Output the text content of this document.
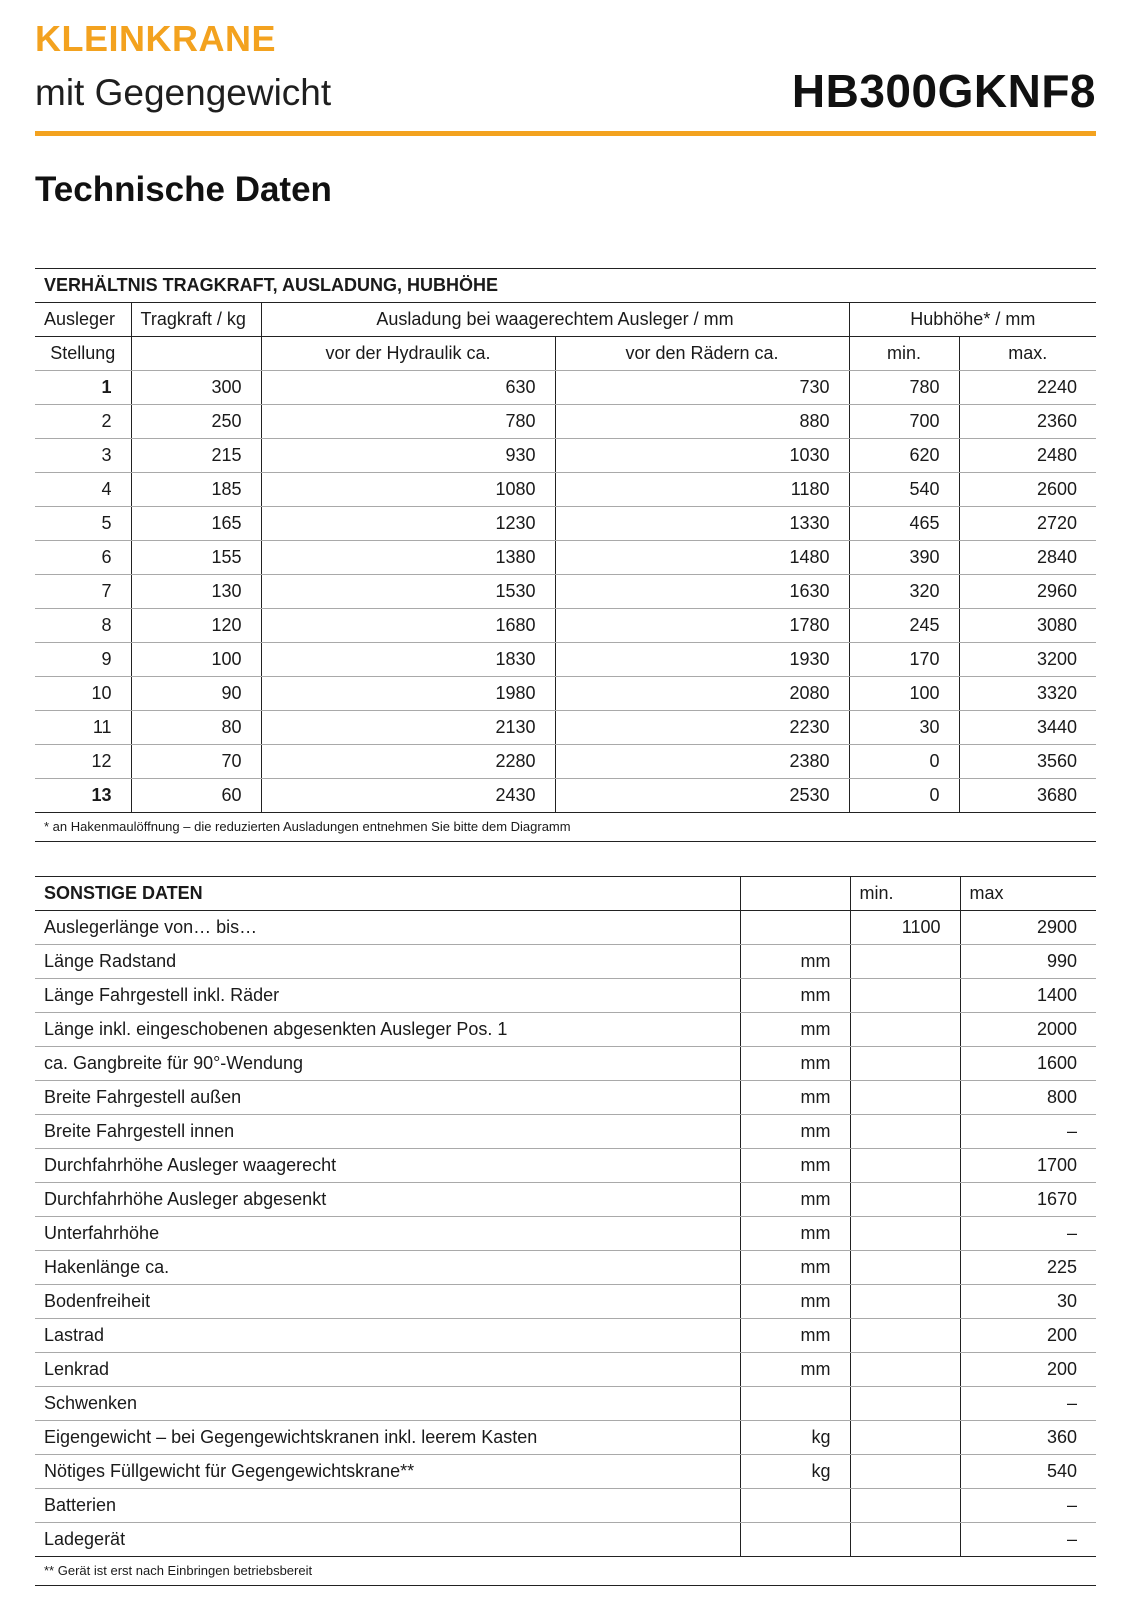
KLEINKRANE
mit Gegengewicht	HB300GKNF8
Technische Daten
VERHÄLTNIS TRAGKRAFT, AUSLADUNG, HUBHÖHE					
Ausleger	Tragkraft / kg	Ausladung bei waagerechtem Ausleger / mm		Hubhöhe* / mm	
Stellung		vor der Hydraulik ca.	vor den Rädern ca.	min.	max.
1	300	630	730	780	2240
2	250	780	880	700	2360
3	215	930	1030	620	2480
4	185	1080	1180	540	2600
5	165	1230	1330	465	2720
6	155	1380	1480	390	2840
7	130	1530	1630	320	2960
8	120	1680	1780	245	3080
9	100	1830	1930	170	3200
10	90	1980	2080	100	3320
11	80	2130	2230	30	3440
12	70	2280	2380	0	3560
13	60	2430	2530	0	3680
* an Hakenmaulöffnung – die reduzierten Ausladungen entnehmen Sie bitte dem Diagramm					
SONSTIGE DATEN		min.	max
Auslegerlänge von… bis…		1100	2900
Länge Radstand	mm		990
Länge Fahrgestell inkl. Räder	mm		1400
Länge inkl. eingeschobenen abgesenkten Ausleger Pos. 1	mm		2000
ca. Gangbreite für 90°-Wendung	mm		1600
Breite Fahrgestell außen	mm		800
Breite Fahrgestell innen	mm		–
Durchfahrhöhe Ausleger waagerecht	mm		1700
Durchfahrhöhe Ausleger abgesenkt	mm		1670
Unterfahrhöhe	mm		–
Hakenlänge ca.	mm		225
Bodenfreiheit	mm		30
Lastrad	mm		200
Lenkrad	mm		200
Schwenken			–
Eigengewicht – bei Gegengewichtskranen inkl. leerem Kasten	kg		360
Nötiges Füllgewicht für Gegengewichtskrane**	kg		540
Batterien			–
Ladegerät			–
** Gerät ist erst nach Einbringen betriebsbereit			
